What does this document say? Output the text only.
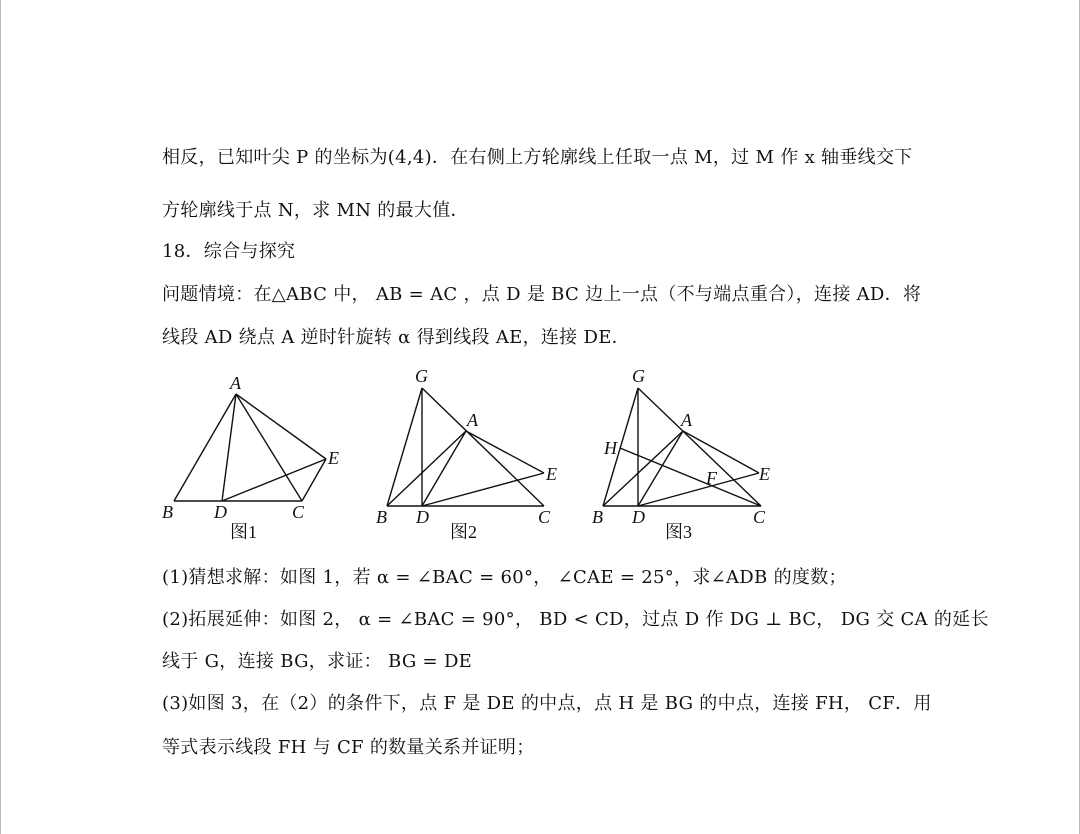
相反，已知叶尖 P 的坐标为(4,4)．在右侧上方轮廓线上任取一点 M，过 M 作 x 轴垂线交下
方轮廓线于点 N，求 MN 的最大值．
18．综合与探究
问题情境：在△ABC 中， AB = AC ，点 D 是 BC 边上一点（不与端点重合），连接 AD．将
线段 AD 绕点 A 逆时针旋转 α 得到线段 AE，连接 DE．
A
B D	C
E
图1
G
A
E
B D	C
图2
G
A
H
F E
B D	C
图3
(1)猜想求解：如图 1，若 α = ∠BAC = 60°， ∠CAE = 25°，求∠ADB 的度数；
(2)拓展延伸：如图 2， α = ∠BAC = 90°， BD < CD，过点 D 作 DG ⊥ BC， DG 交 CA 的延长
线于 G，连接 BG，求证： BG = DE
(3)如图 3，在（2）的条件下，点 F 是 DE 的中点，点 H 是 BG 的中点，连接 FH， CF．用
等式表示线段 FH 与 CF 的数量关系并证明；
